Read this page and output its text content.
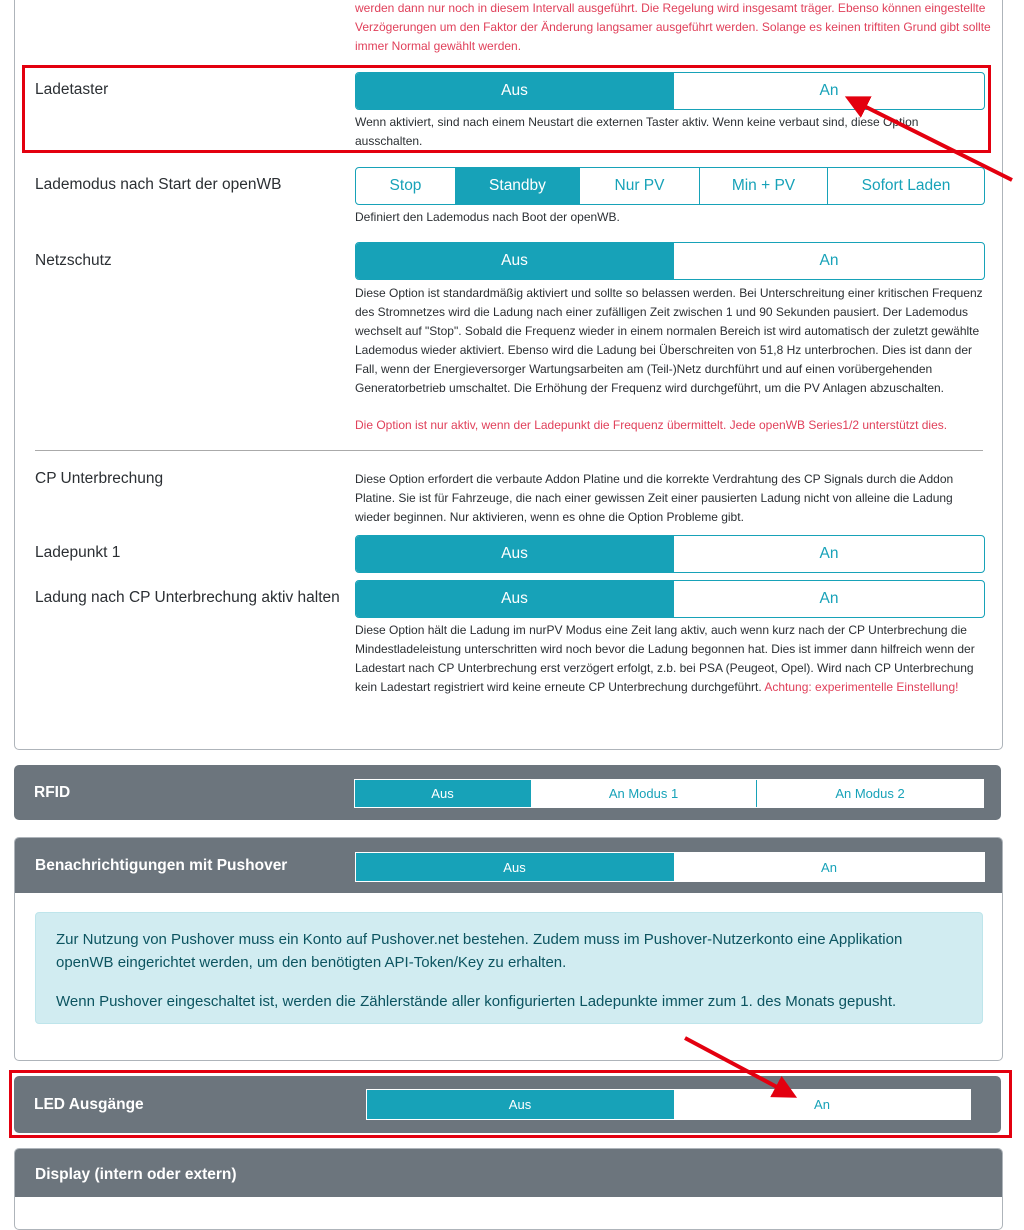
werden dann nur noch in diesem Intervall ausgeführt. Die Regelung wird insgesamt träger. Ebenso können eingestellte Verzögerungen um den Faktor der Änderung langsamer ausgeführt werden. Solange es keinen triftiten Grund gibt sollte immer Normal gewählt werden.
Ladetaster	Aus	An
Wenn aktiviert, sind nach einem Neustart die externen Taster aktiv. Wenn keine verbaut sind, diese Option ausschalten.
Lademodus nach Start der openWB	Stop	Standby	Nur PV	Min + PV	Sofort Laden
Definiert den Lademodus nach Boot der openWB.
Netzschutz	Aus	An
Diese Option ist standardmäßig aktiviert und sollte so belassen werden. Bei Unterschreitung einer kritischen Frequenz des Stromnetzes wird die Ladung nach einer zufälligen Zeit zwischen 1 und 90 Sekunden pausiert. Der Lademodus wechselt auf "Stop". Sobald die Frequenz wieder in einem normalen Bereich ist wird automatisch der zuletzt gewählte Lademodus wieder aktiviert. Ebenso wird die Ladung bei Überschreiten von 51,8 Hz unterbrochen. Dies ist dann der Fall, wenn der Energieversorger Wartungsarbeiten am (Teil-)Netz durchführt und auf einen vorübergehenden Generatorbetrieb umschaltet. Die Erhöhung der Frequenz wird durchgeführt, um die PV Anlagen abzuschalten.
Die Option ist nur aktiv, wenn der Ladepunkt die Frequenz übermittelt. Jede openWB Series1/2 unterstützt dies.
CP Unterbrechung	Diese Option erfordert die verbaute Addon Platine und die korrekte Verdrahtung des CP Signals durch die Addon Platine. Sie ist für Fahrzeuge, die nach einer gewissen Zeit einer pausierten Ladung nicht von alleine die Ladung wieder beginnen. Nur aktivieren, wenn es ohne die Option Probleme gibt.
Ladepunkt 1	Aus	An
Ladung nach CP Unterbrechung aktiv halten	Aus	An
Diese Option hält die Ladung im nurPV Modus eine Zeit lang aktiv, auch wenn kurz nach der CP Unterbrechung die Mindestladeleistung unterschritten wird noch bevor die Ladung begonnen hat. Dies ist immer dann hilfreich wenn der Ladestart nach CP Unterbrechung erst verzögert erfolgt, z.b. bei PSA (Peugeot, Opel). Wird nach CP Unterbrechung kein Ladestart registriert wird keine erneute CP Unterbrechung durchgeführt. Achtung: experimentelle Einstellung!
RFID	Aus	An Modus 1	An Modus 2
Benachrichtigungen mit Pushover	Aus	An
Zur Nutzung von Pushover muss ein Konto auf Pushover.net bestehen. Zudem muss im Pushover-Nutzerkonto eine Applikation openWB eingerichtet werden, um den benötigten API-Token/Key zu erhalten.
Wenn Pushover eingeschaltet ist, werden die Zählerstände aller konfigurierten Ladepunkte immer zum 1. des Monats gepusht.
LED Ausgänge	Aus	An
Display (intern oder extern)
